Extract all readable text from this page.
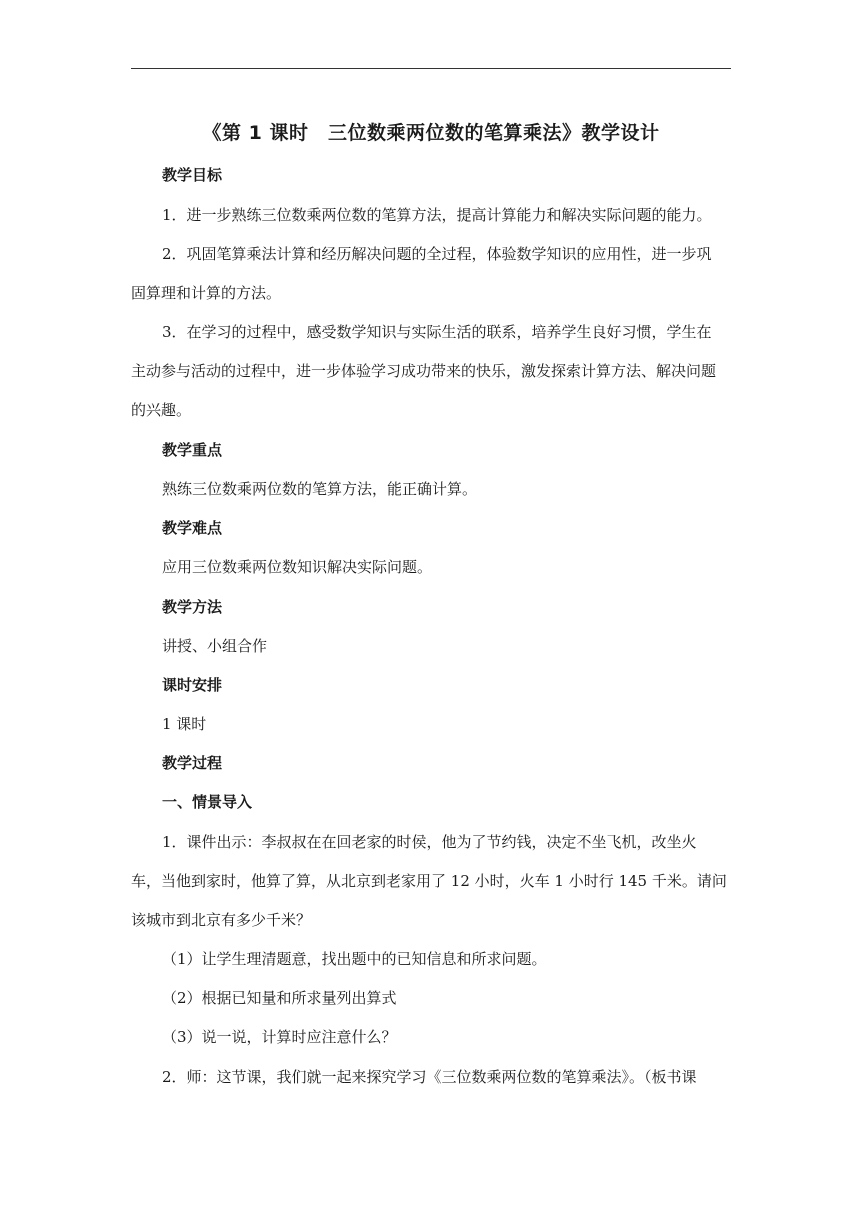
《第 1 课时　三位数乘两位数的笔算乘法》教学设计
教学目标
1．进一步熟练三位数乘两位数的笔算方法，提高计算能力和解决实际问题的能力。
2．巩固笔算乘法计算和经历解决问题的全过程，体验数学知识的应用性，进一步巩
固算理和计算的方法。
3．在学习的过程中，感受数学知识与实际生活的联系，培养学生良好习惯，学生在
主动参与活动的过程中，进一步体验学习成功带来的快乐，激发探索计算方法、解决问题
的兴趣。
教学重点
熟练三位数乘两位数的笔算方法，能正确计算。
教学难点
应用三位数乘两位数知识解决实际问题。
教学方法
讲授、小组合作
课时安排
1 课时
教学过程
一、情景导入
1．课件出示：李叔叔在在回老家的时侯，他为了节约钱，决定不坐飞机，改坐火
车，当他到家时，他算了算，从北京到老家用了 12 小时，火车 1 小时行 145 千米。请问
该城市到北京有多少千米？
（1）让学生理清题意，找出题中的已知信息和所求问题。
（2）根据已知量和所求量列出算式
（3）说一说，计算时应注意什么？
2．师：这节课，我们就一起来探究学习《三位数乘两位数的笔算乘法》。（板书课
